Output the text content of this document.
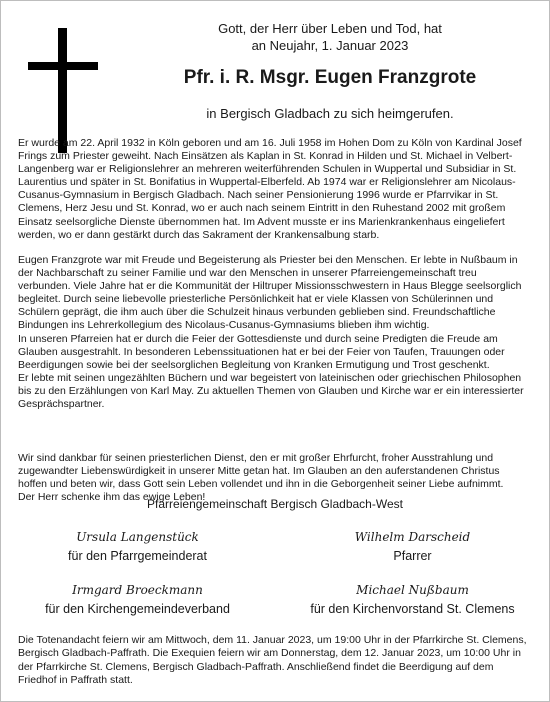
Gott, der Herr über Leben und Tod, hat
an Neujahr, 1. Januar 2023
Pfr. i. R. Msgr. Eugen Franzgrote
in Bergisch Gladbach zu sich heimgerufen.

Er wurde am 22. April 1932 in Köln geboren und am 16. Juli 1958 im Hohen Dom zu Köln von Kardinal Josef
Frings zum Priester geweiht. Nach Einsätzen als Kaplan in St. Konrad in Hilden und St. Michael in Velbert-
Langenberg war er Religionslehrer an mehreren weiterführenden Schulen in Wuppertal und Subsidiar in St.
Laurentius und später in St. Bonifatius in Wuppertal-Elberfeld. Ab 1974 war er Religionslehrer am Nicolaus-
Cusanus-Gymnasium in Bergisch Gladbach. Nach seiner Pensionierung 1996 wurde er Pfarrvikar in St.
Clemens, Herz Jesu und St. Konrad, wo er auch nach seinem Eintritt in den Ruhestand 2002 mit großem
Einsatz seelsorgliche Dienste übernommen hat. Im Advent musste er ins Marienkrankenhaus eingeliefert
werden, wo er dann gestärkt durch das Sakrament der Krankensalbung starb.

Eugen Franzgrote war mit Freude und Begeisterung als Priester bei den Menschen. Er lebte in Nußbaum in
der Nachbarschaft zu seiner Familie und war den Menschen in unserer Pfarreiengemeinschaft treu
verbunden. Viele Jahre hat er die Kommunität der Hiltruper Missionsschwestern in Haus Blegge seelsorglich
begleitet. Durch seine liebevolle priesterliche Persönlichkeit hat er viele Klassen von Schülerinnen und
Schülern geprägt, die ihm auch über die Schulzeit hinaus verbunden geblieben sind. Freundschaftliche
Bindungen ins Lehrerkollegium des Nicolaus-Cusanus-Gymnasiums blieben ihm wichtig.
In unseren Pfarreien hat er durch die Feier der Gottesdienste und durch seine Predigten die Freude am
Glauben ausgestrahlt. In besonderen Lebenssituationen hat er bei der Feier von Taufen, Trauungen oder
Beerdigungen sowie bei der seelsorglichen Begleitung von Kranken Ermutigung und Trost geschenkt.
Er lebte mit seinen ungezählten Büchern und war begeistert von lateinischen oder griechischen Philosophen
bis zu den Erzählungen von Karl May. Zu aktuellen Themen von Glauben und Kirche war er ein interessierter
Gesprächspartner.

Wir sind dankbar für seinen priesterlichen Dienst, den er mit großer Ehrfurcht, froher Ausstrahlung und
zugewandter Liebenswürdigkeit in unserer Mitte getan hat. Im Glauben an den auferstandenen Christus
hoffen und beten wir, dass Gott sein Leben vollendet und ihn in die Geborgenheit seiner Liebe aufnimmt.
Der Herr schenke ihm das ewige Leben!

Pfarreiengemeinschaft Bergisch Gladbach-West
Ursula Langenstück
für den Pfarrgemeinderat
Wilhelm Darscheid
Pfarrer
Irmgard Broeckmann
für den Kirchengemeindeverband
Michael Nußbaum
für den Kirchenvorstand St. Clemens

Die Totenandacht feiern wir am Mittwoch, dem 11. Januar 2023, um 19:00 Uhr in der Pfarrkirche St. Clemens,
Bergisch Gladbach-Paffrath. Die Exequien feiern wir am Donnerstag, dem 12. Januar 2023, um 10:00 Uhr in
der Pfarrkirche St. Clemens, Bergisch Gladbach-Paffrath. Anschließend findet die Beerdigung auf dem
Friedhof in Paffrath statt.
